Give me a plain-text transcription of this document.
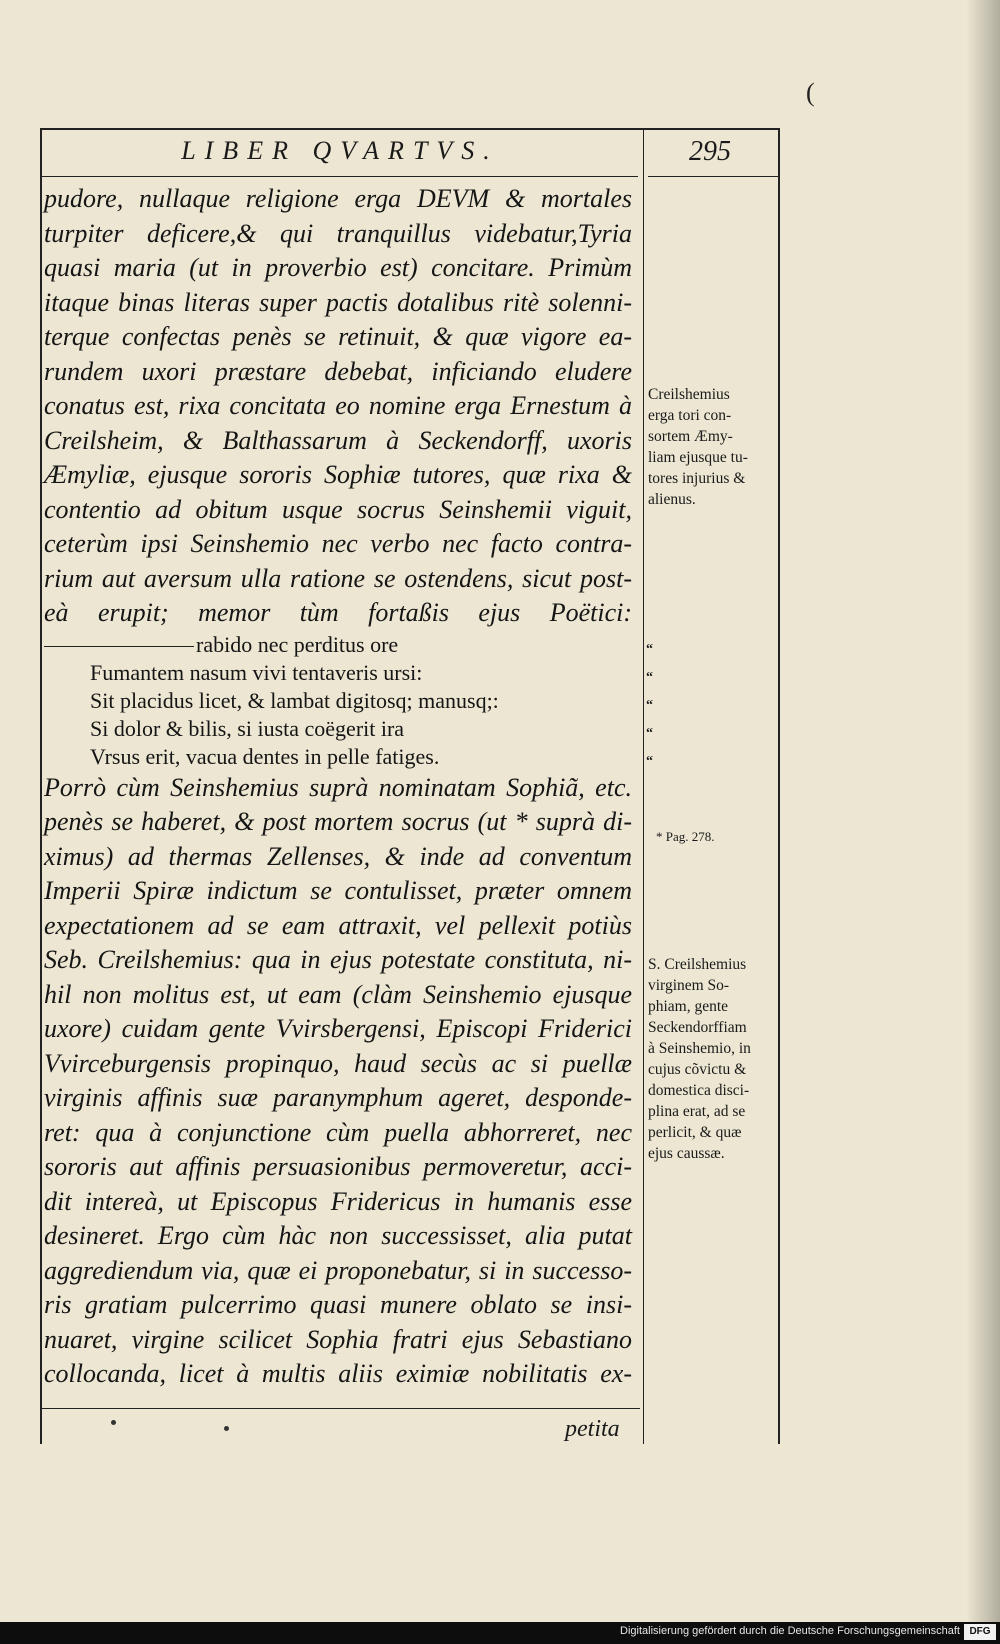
(
LIBER QVARTVS.	295
pudore, nullaque religione erga DEVM & mortales
turpiter deficere,& qui tranquillus videbatur,Tyria
quasi maria (ut in proverbio est) concitare. Primùm
itaque binas literas super pactis dotalibus ritè solenni-
terque confectas penès se retinuit, & quæ vigore ea-
rundem uxori præstare debebat, inficiando eludere
conatus est, rixa concitata eo nomine erga Ernestum à
Creilsheim, & Balthassarum à Seckendorff, uxoris
Æmyliæ, ejusque sororis Sophiæ tutores, quæ rixa &
contentio ad obitum usque socrus Seinshemii viguit,
ceterùm ipsi Seinshemio nec verbo nec facto contra-
rium aut aversum ulla ratione se ostendens, sicut post-
eà erupit; memor tùm fortaßis ejus Poëtici:
rabido nec perditus ore
Fumantem nasum vivi tentaveris ursi:
Sit placidus licet, & lambat digitosq; manusq;:
Si dolor & bilis, si iusta coëgerit ira
Vrsus erit, vacua dentes in pelle fatiges.
Porrò cùm Seinshemius suprà nominatam Sophiã, etc.
penès se haberet, & post mortem socrus (ut * suprà di-
ximus) ad thermas Zellenses, & inde ad conventum
Imperii Spiræ indictum se contulisset, præter omnem
expectationem ad se eam attraxit, vel pellexit potiùs
Seb. Creilshemius: qua in ejus potestate constituta, ni-
hil non molitus est, ut eam (clàm Seinshemio ejusque
uxore) cuidam gente Vvirsbergensi, Episcopi Friderici
Vvirceburgensis propinquo, haud secùs ac si puellæ
virginis affinis suæ paranymphum ageret, desponde-
ret: qua à conjunctione cùm puella abhorreret, nec
sororis aut affinis persuasionibus permoveretur, acci-
dit intereà, ut Episcopus Fridericus in humanis esse
desineret. Ergo cùm hàc non successisset, alia putat
aggrediendum via, quæ ei proponebatur, si in successo-
ris gratiam pulcerrimo quasi munere oblato se insi-
nuaret, virgine scilicet Sophia fratri ejus Sebastiano
collocanda, licet à multis aliis eximiæ nobilitatis ex-
Creilshemius
erga tori con-
sortem Æmy-
liam ejusque tu-
tores injurius &
alienus.
“
“
“
“
“
* Pag. 278.
S. Creilshemius
virginem So-
phiam, gente
Seckendorffiam
à Seinshemio, in
cujus cõvictu &
domestica disci-
plina erat, ad se
perlicit, & quæ
ejus caussæ.
petita
Digitalisierung gefördert durch die Deutsche Forschungsgemeinschaft DFG
